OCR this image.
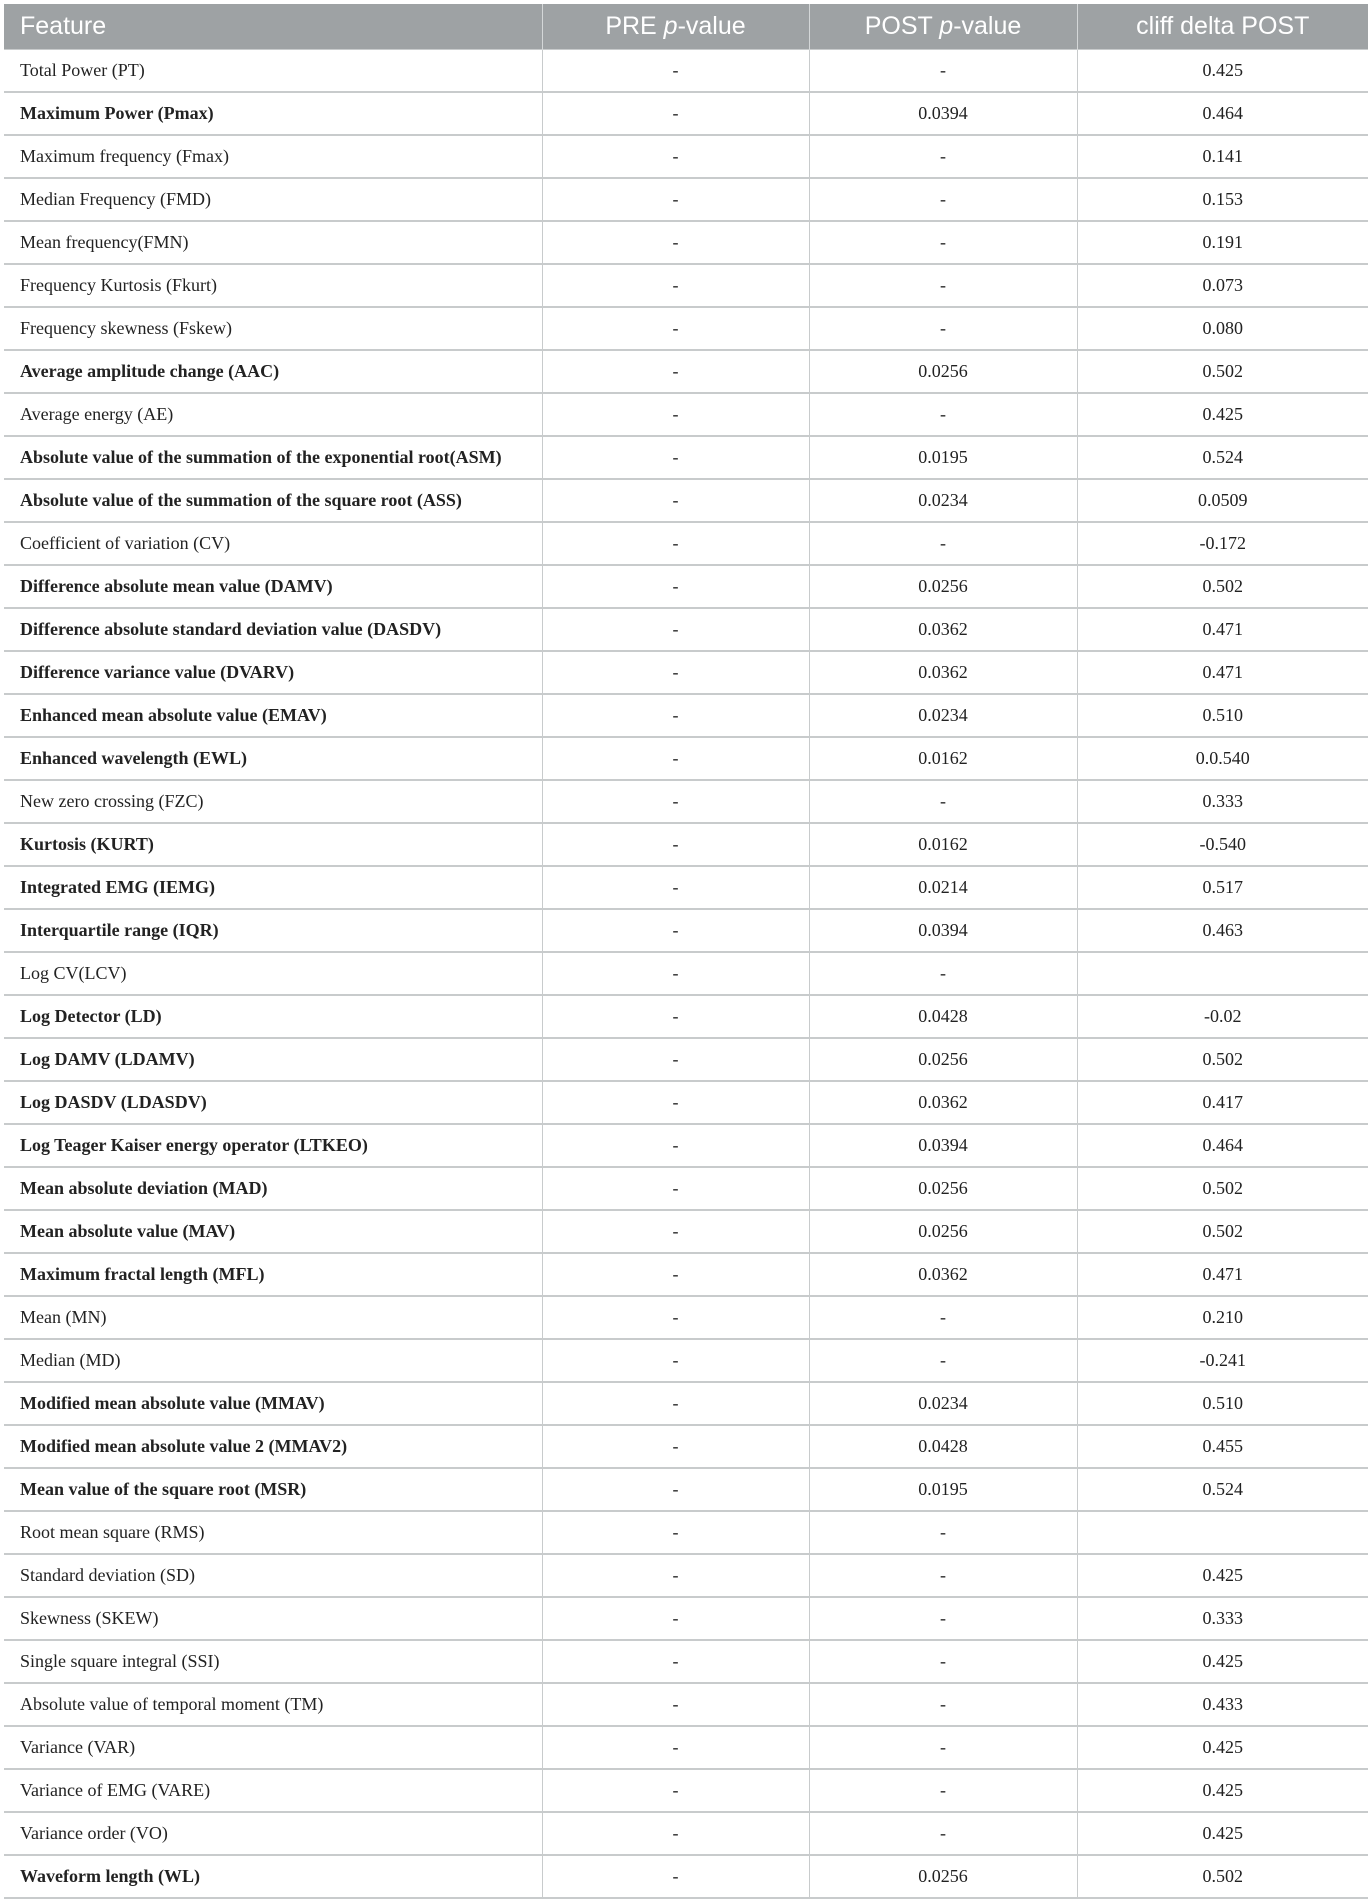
Feature	PRE p-value	POST p-value	cliff delta POST
Total Power (PT)	-	-	0.425
Maximum Power (Pmax)	-	0.0394	0.464
Maximum frequency (Fmax)	-	-	0.141
Median Frequency (FMD)	-	-	0.153
Mean frequency(FMN)	-	-	0.191
Frequency Kurtosis (Fkurt)	-	-	0.073
Frequency skewness (Fskew)	-	-	0.080
Average amplitude change (AAC)	-	0.0256	0.502
Average energy (AE)	-	-	0.425
Absolute value of the summation of the exponential root(ASM)	-	0.0195	0.524
Absolute value of the summation of the square root (ASS)	-	0.0234	0.0509
Coefficient of variation (CV)	-	-	-0.172
Difference absolute mean value (DAMV)	-	0.0256	0.502
Difference absolute standard deviation value (DASDV)	-	0.0362	0.471
Difference variance value (DVARV)	-	0.0362	0.471
Enhanced mean absolute value (EMAV)	-	0.0234	0.510
Enhanced wavelength (EWL)	-	0.0162	0.0.540
New zero crossing (FZC)	-	-	0.333
Kurtosis (KURT)	-	0.0162	-0.540
Integrated EMG (IEMG)	-	0.0214	0.517
Interquartile range (IQR)	-	0.0394	0.463
Log CV(LCV)	-	-	
Log Detector (LD)	-	0.0428	-0.02
Log DAMV (LDAMV)	-	0.0256	0.502
Log DASDV (LDASDV)	-	0.0362	0.417
Log Teager Kaiser energy operator (LTKEO)	-	0.0394	0.464
Mean absolute deviation (MAD)	-	0.0256	0.502
Mean absolute value (MAV)	-	0.0256	0.502
Maximum fractal length (MFL)	-	0.0362	0.471
Mean (MN)	-	-	0.210
Median (MD)	-	-	-0.241
Modified mean absolute value (MMAV)	-	0.0234	0.510
Modified mean absolute value 2 (MMAV2)	-	0.0428	0.455
Mean value of the square root (MSR)	-	0.0195	0.524
Root mean square (RMS)	-	-	
Standard deviation (SD)	-	-	0.425
Skewness (SKEW)	-	-	0.333
Single square integral (SSI)	-	-	0.425
Absolute value of temporal moment (TM)	-	-	0.433
Variance (VAR)	-	-	0.425
Variance of EMG (VARE)	-	-	0.425
Variance order (VO)	-	-	0.425
Waveform length (WL)	-	0.0256	0.502
